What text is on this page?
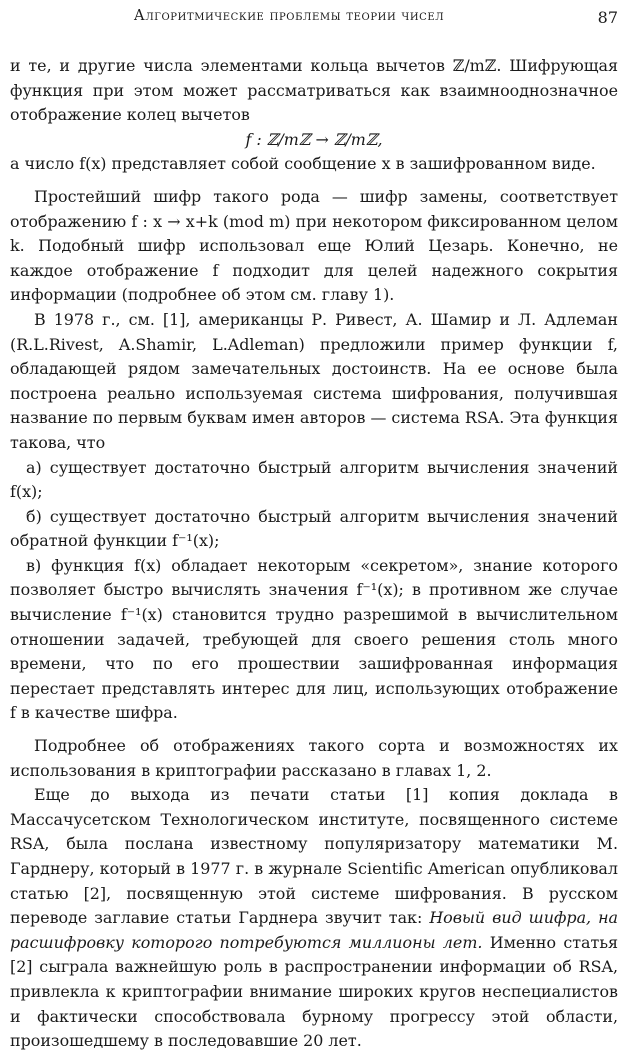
Алгоритмические проблемы теории чисел	87

и те, и другие числа элементами кольца вычетов ℤ/mℤ. Шифрующая функция при этом может рассматриваться как взаимнооднозначное отображение колец вычетов

f : ℤ/mℤ → ℤ/mℤ,

а число f(x) представляет собой сообщение x в зашифрованном виде.

Простейший шифр такого рода — шифр замены, соответствует отображению f : x → x+k (mod m) при некотором фиксированном целом k. Подобный шифр использовал еще Юлий Цезарь. Конечно, не каждое отображение f подходит для целей надежного сокрытия информации (подробнее об этом см. главу 1).

В 1978 г., см. [1], американцы Р. Ривест, А. Шамир и Л. Адлеман (R.L.Rivest, A.Shamir, L.Adleman) предложили пример функции f, обладающей рядом замечательных достоинств. На ее основе была построена реально используемая система шифрования, получившая название по первым буквам имен авторов — система RSA. Эта функция такова, что

а) существует достаточно быстрый алгоритм вычисления значений f(x);

б) существует достаточно быстрый алгоритм вычисления значений обратной функции f⁻¹(x);

в) функция f(x) обладает некоторым «секретом», знание которого позволяет быстро вычислять значения f⁻¹(x); в противном же случае вычисление f⁻¹(x) становится трудно разрешимой в вычислительном отношении задачей, требующей для своего решения столь много времени, что по его прошествии зашифрованная информация перестает представлять интерес для лиц, использующих отображение f в качестве шифра.

Подробнее об отображениях такого сорта и возможностях их использования в криптографии рассказано в главах 1, 2.

Еще до выхода из печати статьи [1] копия доклада в Массачусетском Технологическом институте, посвященного системе RSA, была послана известному популяризатору математики М. Гарднеру, который в 1977 г. в журнале Scientific American опубликовал статью [2], посвященную этой системе шифрования. В русском переводе заглавие статьи Гарднера звучит так: Новый вид шифра, на расшифровку которого потребуются миллионы лет. Именно статья [2] сыграла важнейшую роль в распространении информации об RSA, привлекла к криптографии внимание широких кругов неспециалистов и фактически способствовала бурному прогрессу этой области, произошедшему в последовавшие 20 лет.
